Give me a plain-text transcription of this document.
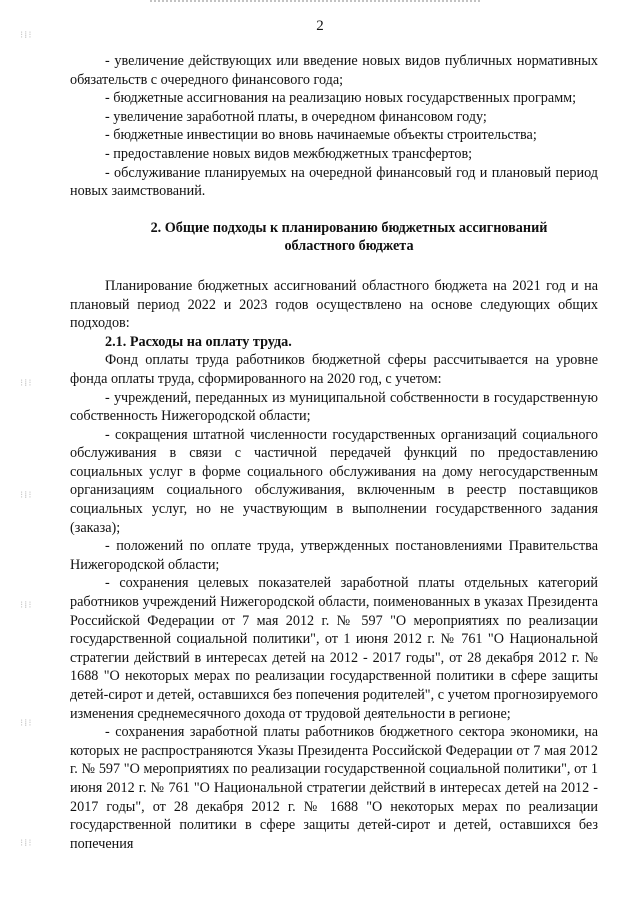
⁝⁞⁝
⁝⁞⁝
⁝⁞⁝
⁝⁞⁝
⁝⁞⁝
⁝⁞⁝
2

- увеличение действующих или введение новых видов публичных нормативных обязательств с очередного финансового года;

- бюджетные ассигнования на реализацию новых государственных программ;

- увеличение заработной платы, в очередном финансовом году;

- бюджетные инвестиции во вновь начинаемые объекты строительства;

- предоставление новых видов межбюджетных трансфертов;

- обслуживание планируемых на очередной финансовый год и плановый период новых заимствований.

2. Общие подходы к планированию бюджетных ассигнований
областного бюджета

Планирование бюджетных ассигнований областного бюджета на 2021 год и на плановый период 2022 и 2023 годов осуществлено на основе следующих общих подходов:

2.1. Расходы на оплату труда.

Фонд оплаты труда работников бюджетной сферы рассчитывается на уровне фонда оплаты труда, сформированного на 2020 год, с учетом:

- учреждений, переданных из муниципальной собственности в государственную собственность Нижегородской области;

- сокращения штатной численности государственных организаций социального обслуживания в связи с частичной передачей функций по предоставлению социальных услуг в форме социального обслуживания на дому негосударственным организациям социального обслуживания, включенным в реестр поставщиков социальных услуг, но не участвующим в выполнении государственного задания (заказа);

- положений по оплате труда, утвержденных постановлениями Правительства Нижегородской области;

- сохранения целевых показателей заработной платы отдельных категорий работников учреждений Нижегородской области, поименованных в указах Президента Российской Федерации от 7 мая 2012 г. № 597 "О мероприятиях по реализации государственной социальной политики", от 1 июня 2012 г. № 761 "О Национальной стратегии действий в интересах детей на 2012 - 2017 годы", от 28 декабря 2012 г. № 1688 "О некоторых мерах по реализации государственной политики в сфере защиты детей-сирот и детей, оставшихся без попечения родителей", с учетом прогнозируемого изменения среднемесячного дохода от трудовой деятельности в регионе;

- сохранения заработной платы работников бюджетного сектора экономики, на которых не распространяются Указы Президента Российской Федерации от 7 мая 2012 г. № 597 "О мероприятиях по реализации государственной социальной политики", от 1 июня 2012 г. № 761 "О Национальной стратегии действий в интересах детей на 2012 - 2017 годы", от 28 декабря 2012 г. № 1688 "О некоторых мерах по реализации государственной политики в сфере защиты детей-сирот и детей, оставшихся без попечения
